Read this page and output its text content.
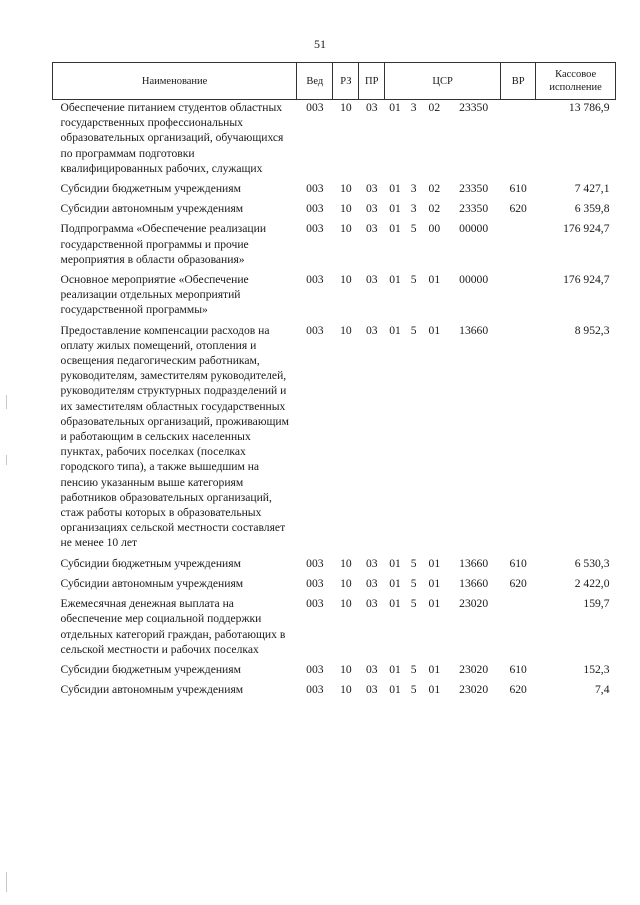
51
Наименование	Вед	РЗ	ПР	ЦСР				ВР	Кассовое исполнение
Обеспечение питанием студентов областных государственных профессиональных образовательных организаций, обучающихся по программам подготовки квалифицированных рабочих, служащих	003	10	03	01	3	02	23350		13 786,9
Субсидии бюджетным учреждениям	003	10	03	01	3	02	23350	610	7 427,1
Субсидии автономным учреждениям	003	10	03	01	3	02	23350	620	6 359,8
Подпрограмма «Обеспечение реализации государственной программы и прочие мероприятия в области образования»	003	10	03	01	5	00	00000		176 924,7
Основное мероприятие «Обеспечение реализации отдельных мероприятий государственной программы»	003	10	03	01	5	01	00000		176 924,7
Предоставление компенсации расходов на оплату жилых помещений, отопления и освещения педагогическим работникам, руководителям, заместителям руководителей, руководителям структурных подразделений и их заместителям областных государственных образовательных организаций, проживающим и работающим в сельских населенных пунктах, рабочих поселках (поселках городского типа), а также вышедшим на пенсию указанным выше категориям работников образовательных организаций, стаж работы которых в образовательных организациях сельской местности составляет не менее 10 лет	003	10	03	01	5	01	13660		8 952,3
Субсидии бюджетным учреждениям	003	10	03	01	5	01	13660	610	6 530,3
Субсидии автономным учреждениям	003	10	03	01	5	01	13660	620	2 422,0
Ежемесячная денежная выплата на обеспечение мер социальной поддержки отдельных категорий граждан, работающих в сельской местности и рабочих поселках	003	10	03	01	5	01	23020		159,7
Субсидии бюджетным учреждениям	003	10	03	01	5	01	23020	610	152,3
Субсидии автономным учреждениям	003	10	03	01	5	01	23020	620	7,4
